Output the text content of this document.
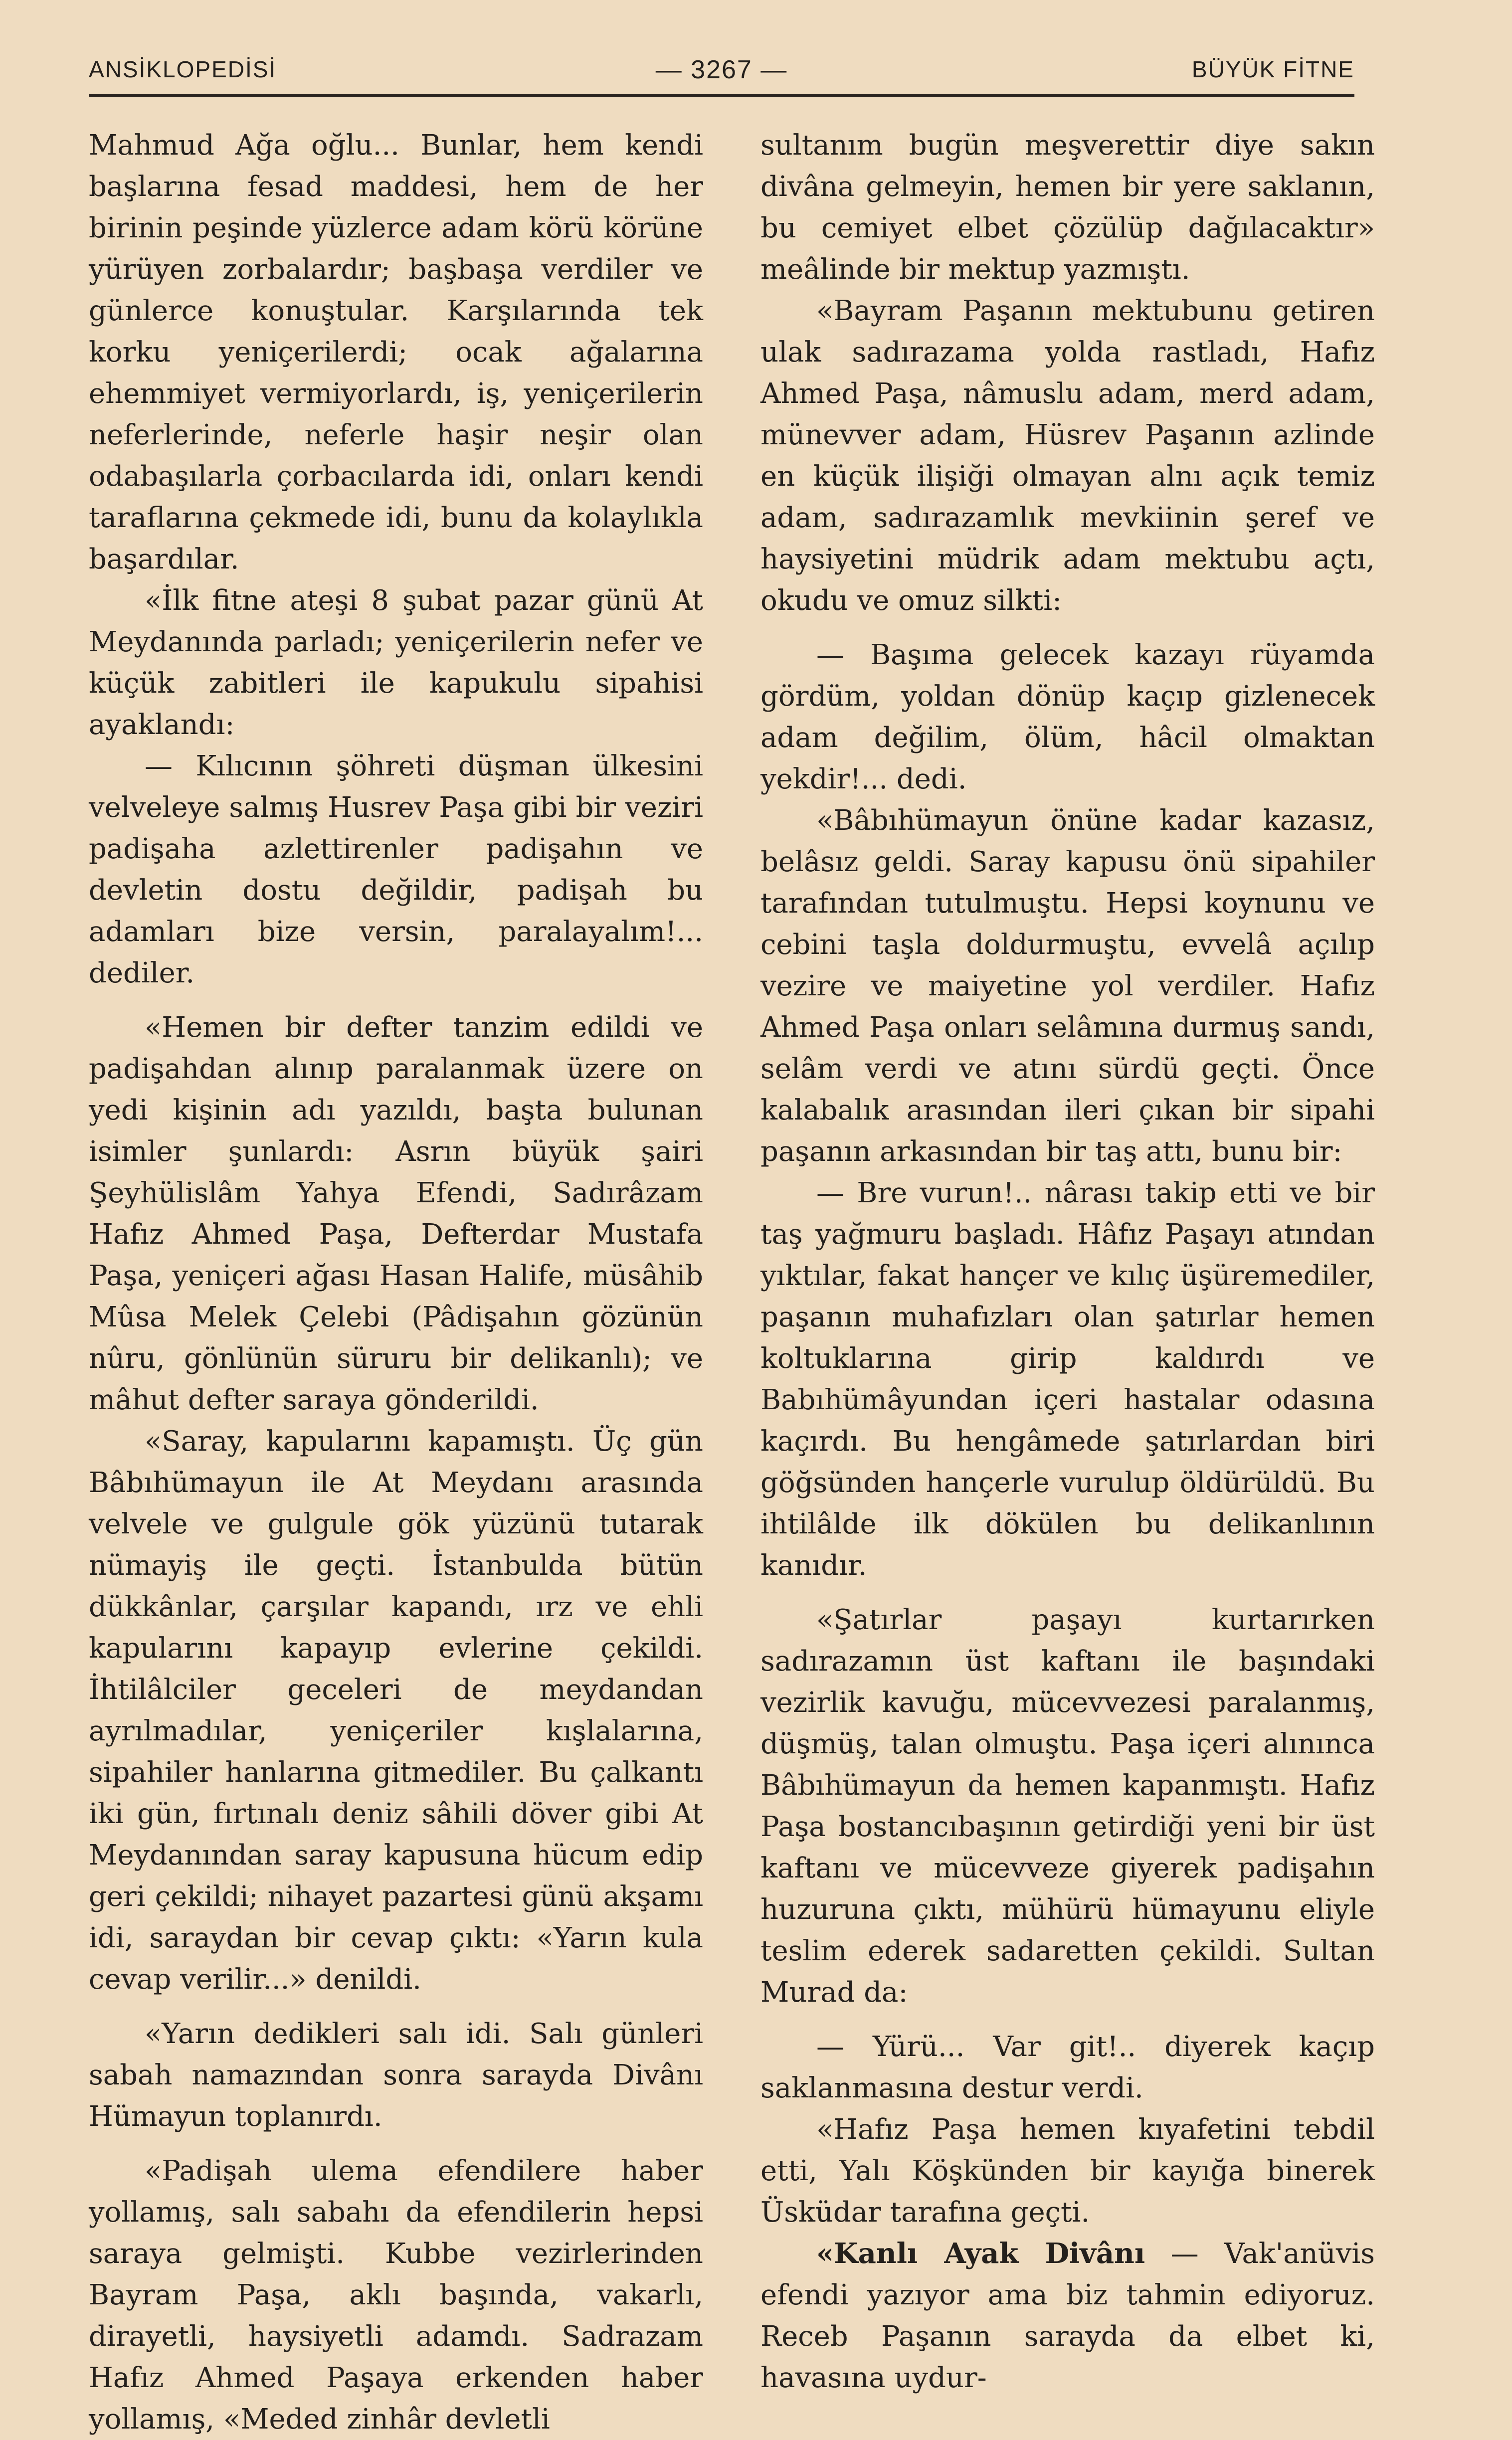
ANSİKLOPEDİSİ	— 3267 —	BÜYÜK FİTNE

Mahmud Ağa oğlu... Bunlar, hem kendi başlarına fesad maddesi, hem de her birinin peşinde yüzlerce adam körü körüne yürüyen zorbalardır; başbaşa verdiler ve günlerce konuştular. Karşılarında tek korku yeniçerilerdi; ocak ağalarına ehemmiyet vermiyorlardı, iş, yeniçerilerin neferlerinde, neferle haşir neşir olan odabaşılarla çorbacılarda idi, onları kendi taraflarına çekmede idi, bunu da kolaylıkla başardılar.

«İlk fitne ateşi 8 şubat pazar günü At Meydanında parladı; yeniçerilerin nefer ve küçük zabitleri ile kapukulu sipahisi ayaklandı:

— Kılıcının şöhreti düşman ülkesini velveleye salmış Husrev Paşa gibi bir veziri padişaha azlettirenler padişahın ve devletin dostu değildir, padişah bu adamları bize versin, paralayalım!... dediler.

«Hemen bir defter tanzim edildi ve padişahdan alınıp paralanmak üzere on yedi kişinin adı yazıldı, başta bulunan isimler şunlardı: Asrın büyük şairi Şeyhülislâm Yahya Efendi, Sadırâzam Hafız Ahmed Paşa, Defterdar Mustafa Paşa, yeniçeri ağası Hasan Halife, müsâhib Mûsa Melek Çelebi (Pâdişahın gözünün nûru, gönlünün süruru bir delikanlı); ve mâhut defter saraya gönderildi.

«Saray, kapularını kapamıştı. Üç gün Bâbıhümayun ile At Meydanı arasında velvele ve gulgule gök yüzünü tutarak nümayiş ile geçti. İstanbulda bütün dükkânlar, çarşılar kapandı, ırz ve ehli kapularını kapayıp evlerine çekildi. İhtilâlciler geceleri de meydandan ayrılmadılar, yeniçeriler kışlalarına, sipahiler hanlarına gitmediler. Bu çalkantı iki gün, fırtınalı deniz sâhili döver gibi At Meydanından saray kapusuna hücum edip geri çekildi; nihayet pazartesi günü akşamı idi, saraydan bir cevap çıktı: «Yarın kula cevap verilir...» denildi.

«Yarın dedikleri salı idi. Salı günleri sabah namazından sonra sarayda Divânı Hümayun toplanırdı.

«Padişah ulema efendilere haber yollamış, salı sabahı da efendilerin hepsi saraya gelmişti. Kubbe vezirlerinden Bayram Paşa, aklı başında, vakarlı, dirayetli, haysiyetli adamdı. Sadrazam Hafız Ahmed Paşaya erkenden haber yollamış, «Meded zinhâr devletli

sultanım bugün meşverettir diye sakın divâna gelmeyin, hemen bir yere saklanın, bu cemiyet elbet çözülüp dağılacaktır» meâlinde bir mektup yazmıştı.

«Bayram Paşanın mektubunu getiren ulak sadırazama yolda rastladı, Hafız Ahmed Paşa, nâmuslu adam, merd adam, münevver adam, Hüsrev Paşanın azlinde en küçük ilişiği olmayan alnı açık temiz adam, sadırazamlık mevkiinin şeref ve haysiyetini müdrik adam mektubu açtı, okudu ve omuz silkti:

— Başıma gelecek kazayı rüyamda gördüm, yoldan dönüp kaçıp gizlenecek adam değilim, ölüm, hâcil olmaktan yekdir!... dedi.

«Bâbıhümayun önüne kadar kazasız, belâsız geldi. Saray kapusu önü sipahiler tarafından tutulmuştu. Hepsi koynunu ve cebini taşla doldurmuştu, evvelâ açılıp vezire ve maiyetine yol verdiler. Hafız Ahmed Paşa onları selâmına durmuş sandı, selâm verdi ve atını sürdü geçti. Önce kalabalık arasından ileri çıkan bir sipahi paşanın arkasından bir taş attı, bunu bir:

— Bre vurun!.. nârası takip etti ve bir taş yağmuru başladı. Hâfız Paşayı atından yıktılar, fakat hançer ve kılıç üşüremediler, paşanın muhafızları olan şatırlar hemen koltuklarına girip kaldırdı ve Babıhümâyundan içeri hastalar odasına kaçırdı. Bu hengâmede şatırlardan biri göğsünden hançerle vurulup öldürüldü. Bu ihtilâlde ilk dökülen bu delikanlının kanıdır.

«Şatırlar paşayı kurtarırken sadırazamın üst kaftanı ile başındaki vezirlik kavuğu, mücevvezesi paralanmış, düşmüş, talan olmuştu. Paşa içeri alınınca Bâbıhümayun da hemen kapanmıştı. Hafız Paşa bostancıbaşının getirdiği yeni bir üst kaftanı ve mücevveze giyerek padişahın huzuruna çıktı, mühürü hümayunu eliyle teslim ederek sadaretten çekildi. Sultan Murad da:

— Yürü... Var git!.. diyerek kaçıp saklanmasına destur verdi.

«Hafız Paşa hemen kıyafetini tebdil etti, Yalı Köşkünden bir kayığa binerek Üsküdar tarafına geçti.

«Kanlı Ayak Divânı — Vak'anüvis efendi yazıyor ama biz tahmin ediyoruz. Receb Paşanın sarayda da elbet ki, havasına uydur-
